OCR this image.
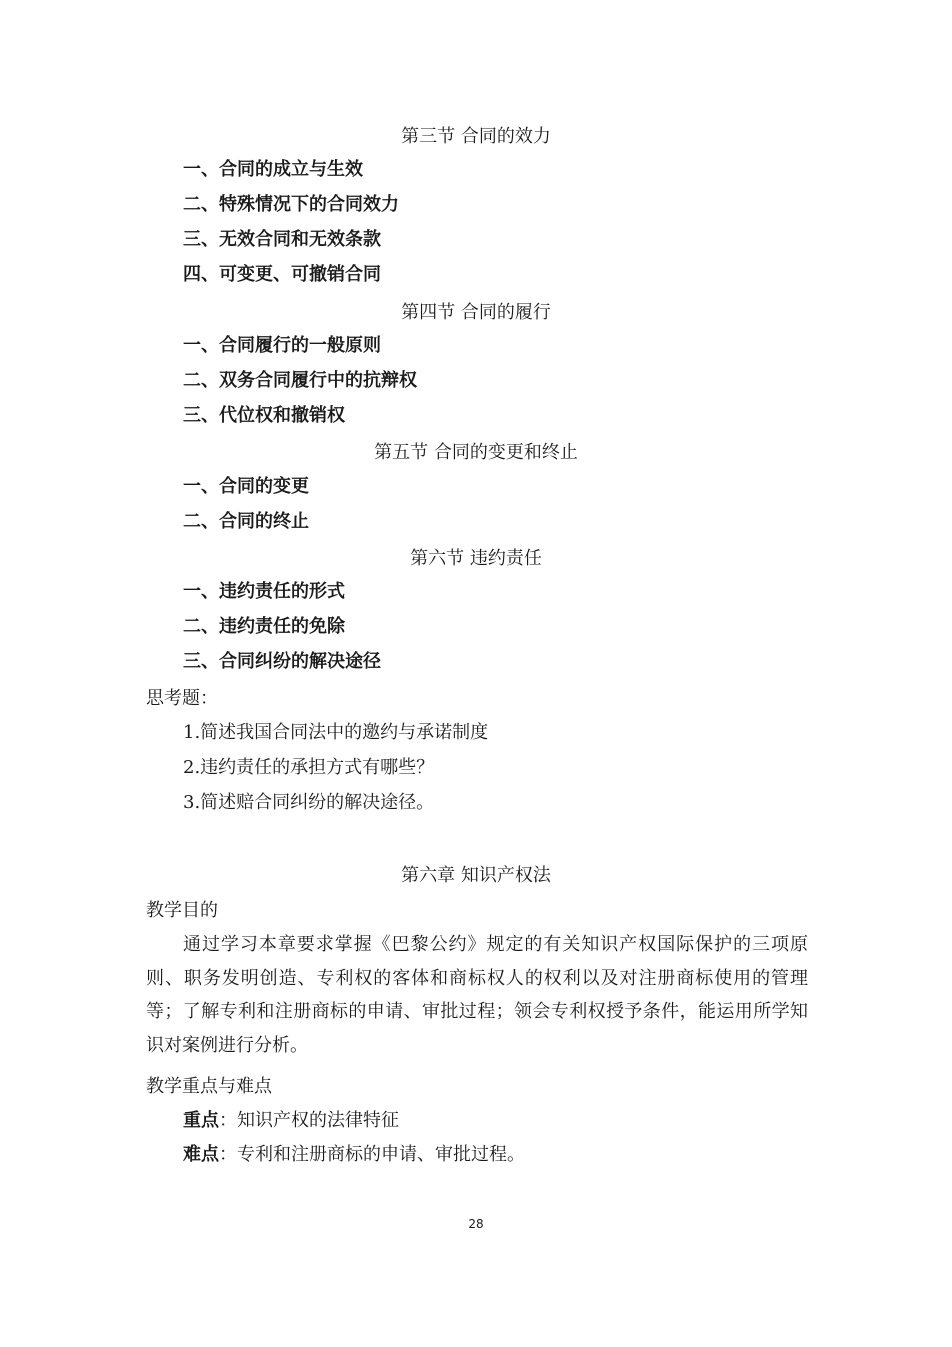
第三节 合同的效力
一、合同的成立与生效
二、特殊情况下的合同效力
三、无效合同和无效条款
四、可变更、可撤销合同
第四节 合同的履行
一、合同履行的一般原则
二、双务合同履行中的抗辩权
三、代位权和撤销权
第五节 合同的变更和终止
一、合同的变更
二、合同的终止
第六节 违约责任
一、违约责任的形式
二、违约责任的免除
三、合同纠纷的解决途径
思考题：
1.简述我国合同法中的邀约与承诺制度
2.违约责任的承担方式有哪些？
3.简述赔合同纠纷的解决途径。
第六章 知识产权法
教学目的
通过学习本章要求掌握《巴黎公约》规定的有关知识产权国际保护的三项原则、职务发明创造、专利权的客体和商标权人的权利以及对注册商标使用的管理等；了解专利和注册商标的申请、审批过程；领会专利权授予条件，能运用所学知识对案例进行分析。
教学重点与难点
重点：知识产权的法律特征
难点：专利和注册商标的申请、审批过程。
28
